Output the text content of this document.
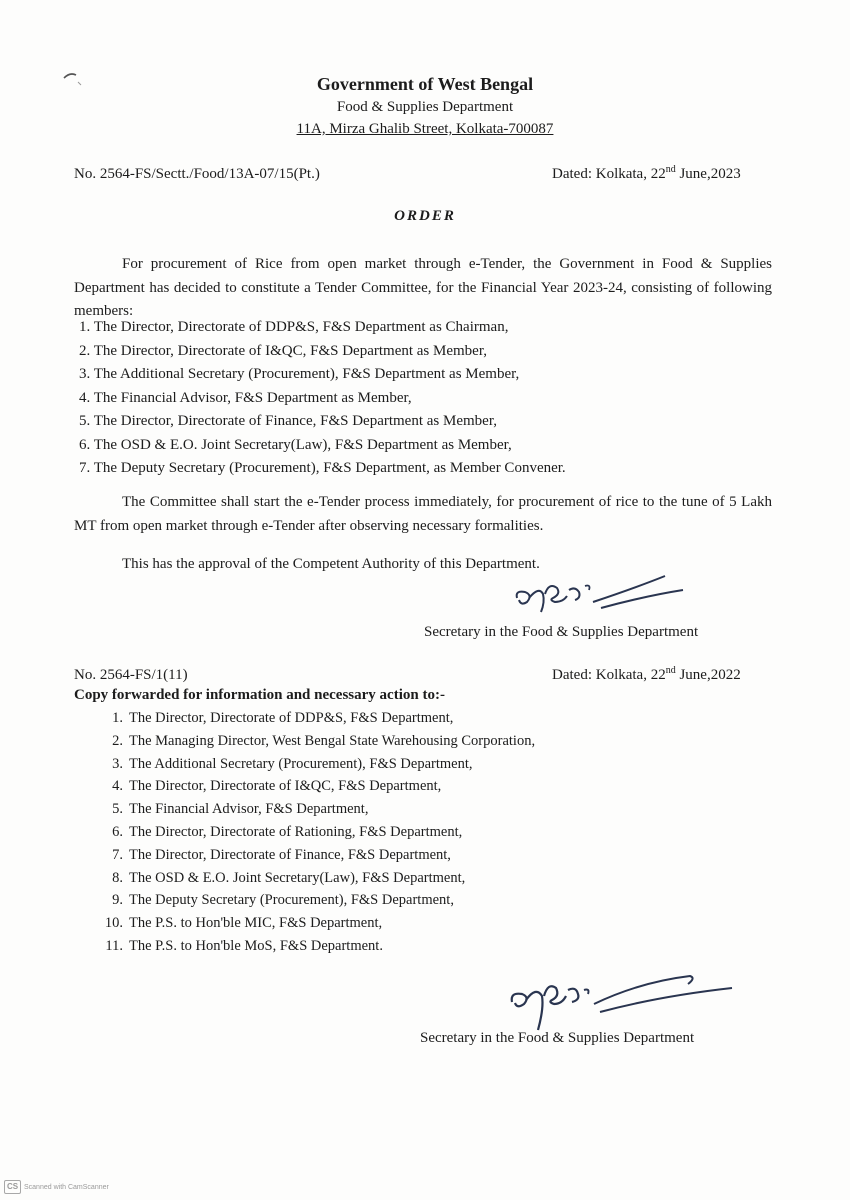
Government of West Bengal
Food & Supplies Department
11A, Mirza Ghalib Street, Kolkata-700087
No. 2564-FS/Sectt./Food/13A-07/15(Pt.)	Dated: Kolkata, 22nd June,2023
ORDER
For procurement of Rice from open market through e-Tender, the Government in Food & Supplies Department has decided to constitute a Tender Committee, for the Financial Year 2023-24, consisting of following members:
1. The Director, Directorate of DDP&S, F&S Department as Chairman,
2. The Director, Directorate of I&QC, F&S Department as Member,
3. The Additional Secretary (Procurement), F&S Department as Member,
4. The Financial Advisor, F&S Department as Member,
5. The Director, Directorate of Finance, F&S Department as Member,
6. The OSD & E.O. Joint Secretary(Law), F&S Department as Member,
7. The Deputy Secretary (Procurement), F&S Department, as Member Convener.
The Committee shall start the e-Tender process immediately, for procurement of rice to the tune of 5 Lakh MT from open market through e-Tender after observing necessary formalities.
This has the approval of the Competent Authority of this Department.
Secretary in the Food & Supplies Department
No. 2564-FS/1(11)	Dated: Kolkata, 22nd June,2022
Copy forwarded for information and necessary action to:-
1. The Director, Directorate of DDP&S, F&S Department,
2. The Managing Director, West Bengal State Warehousing Corporation,
3. The Additional Secretary (Procurement), F&S Department,
4. The Director, Directorate of I&QC, F&S Department,
5. The Financial Advisor, F&S Department,
6. The Director, Directorate of Rationing, F&S Department,
7. The Director, Directorate of Finance, F&S Department,
8. The OSD & E.O. Joint Secretary(Law), F&S Department,
9. The Deputy Secretary (Procurement), F&S Department,
10. The P.S. to Hon'ble MIC, F&S Department,
11. The P.S. to Hon'ble MoS, F&S Department.
Secretary in the Food & Supplies Department
CS Scanned with CamScanner
